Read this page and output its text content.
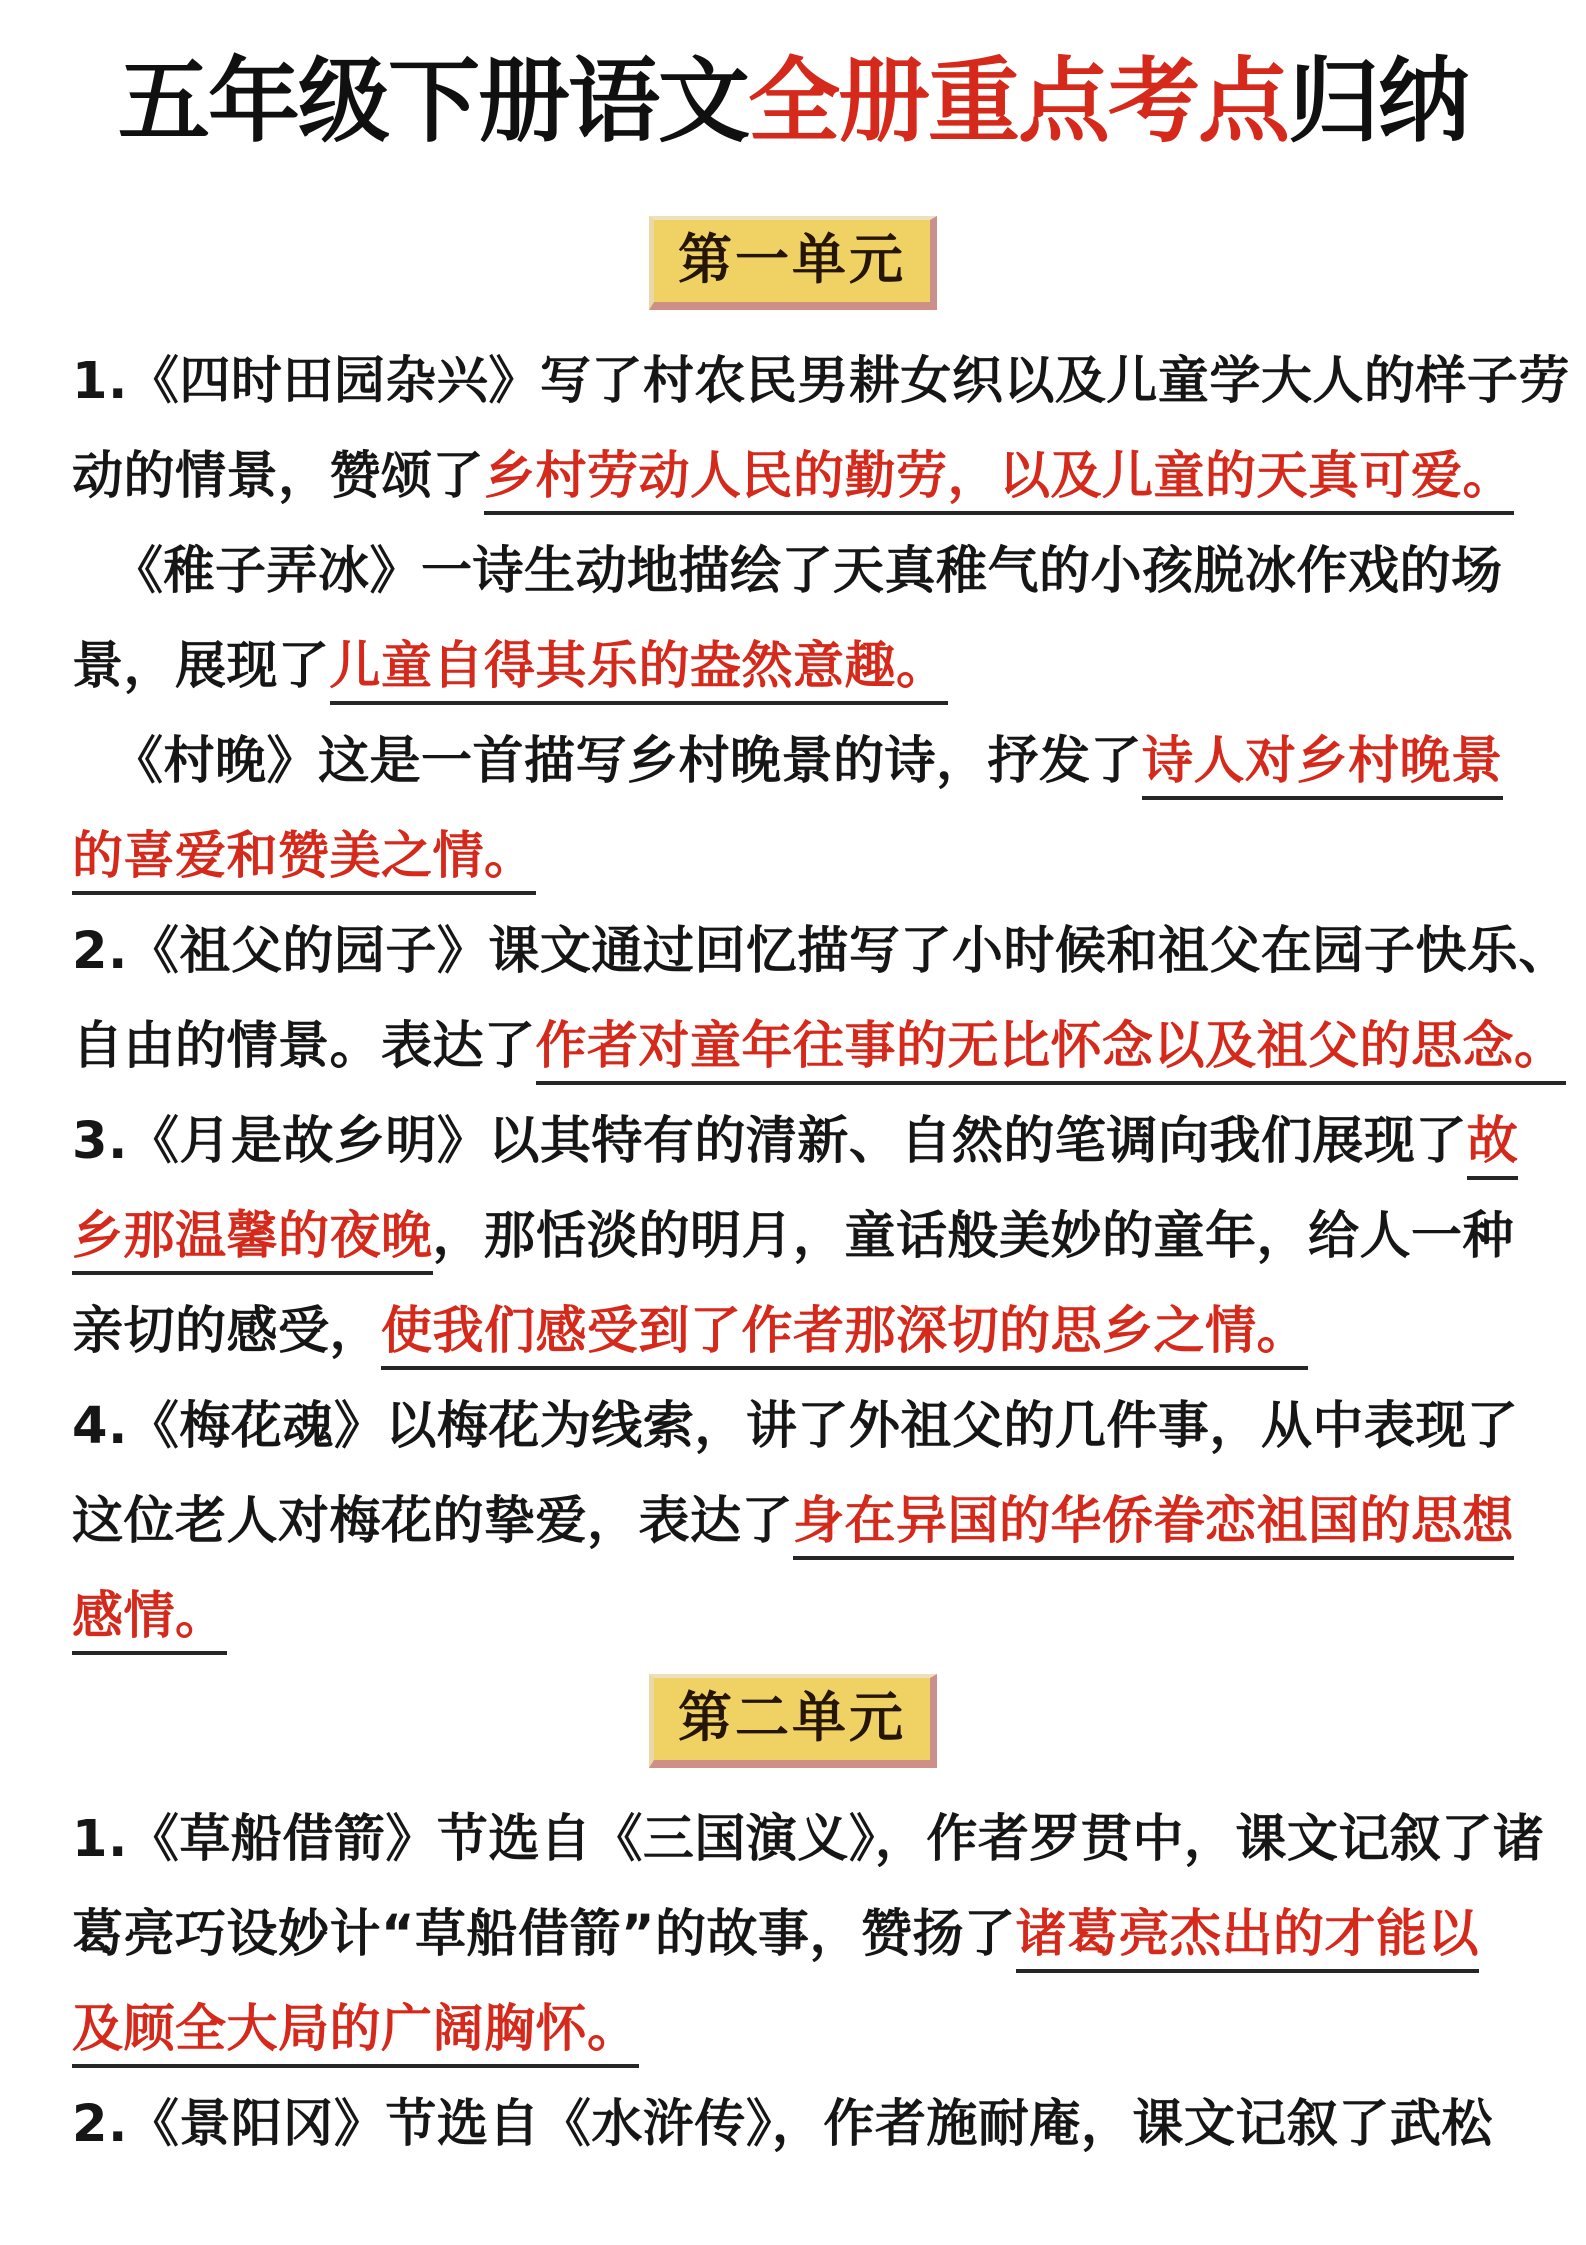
五年级下册语文全册重点考点归纳
第一单元
1.《四时田园杂兴》写了村农民男耕女织以及儿童学大人的样子劳
动的情景，赞颂了乡村劳动人民的勤劳，以及儿童的天真可爱。
《稚子弄冰》一诗生动地描绘了天真稚气的小孩脱冰作戏的场
景，展现了儿童自得其乐的盎然意趣。
《村晚》这是一首描写乡村晚景的诗，抒发了诗人对乡村晚景
的喜爱和赞美之情。
2.《祖父的园子》课文通过回忆描写了小时候和祖父在园子快乐、
自由的情景。表达了作者对童年往事的无比怀念以及祖父的思念。
3.《月是故乡明》以其特有的清新、自然的笔调向我们展现了故
乡那温馨的夜晚，那恬淡的明月，童话般美妙的童年，给人一种
亲切的感受，使我们感受到了作者那深切的思乡之情。
4.《梅花魂》以梅花为线索，讲了外祖父的几件事，从中表现了
这位老人对梅花的挚爱，表达了身在异国的华侨眷恋祖国的思想
感情。
第二单元
1.《草船借箭》节选自《三国演义》，作者罗贯中，课文记叙了诸
葛亮巧设妙计“草船借箭”的故事，赞扬了诸葛亮杰出的才能以
及顾全大局的广阔胸怀。
2.《景阳冈》节选自《水浒传》，作者施耐庵，课文记叙了武松
